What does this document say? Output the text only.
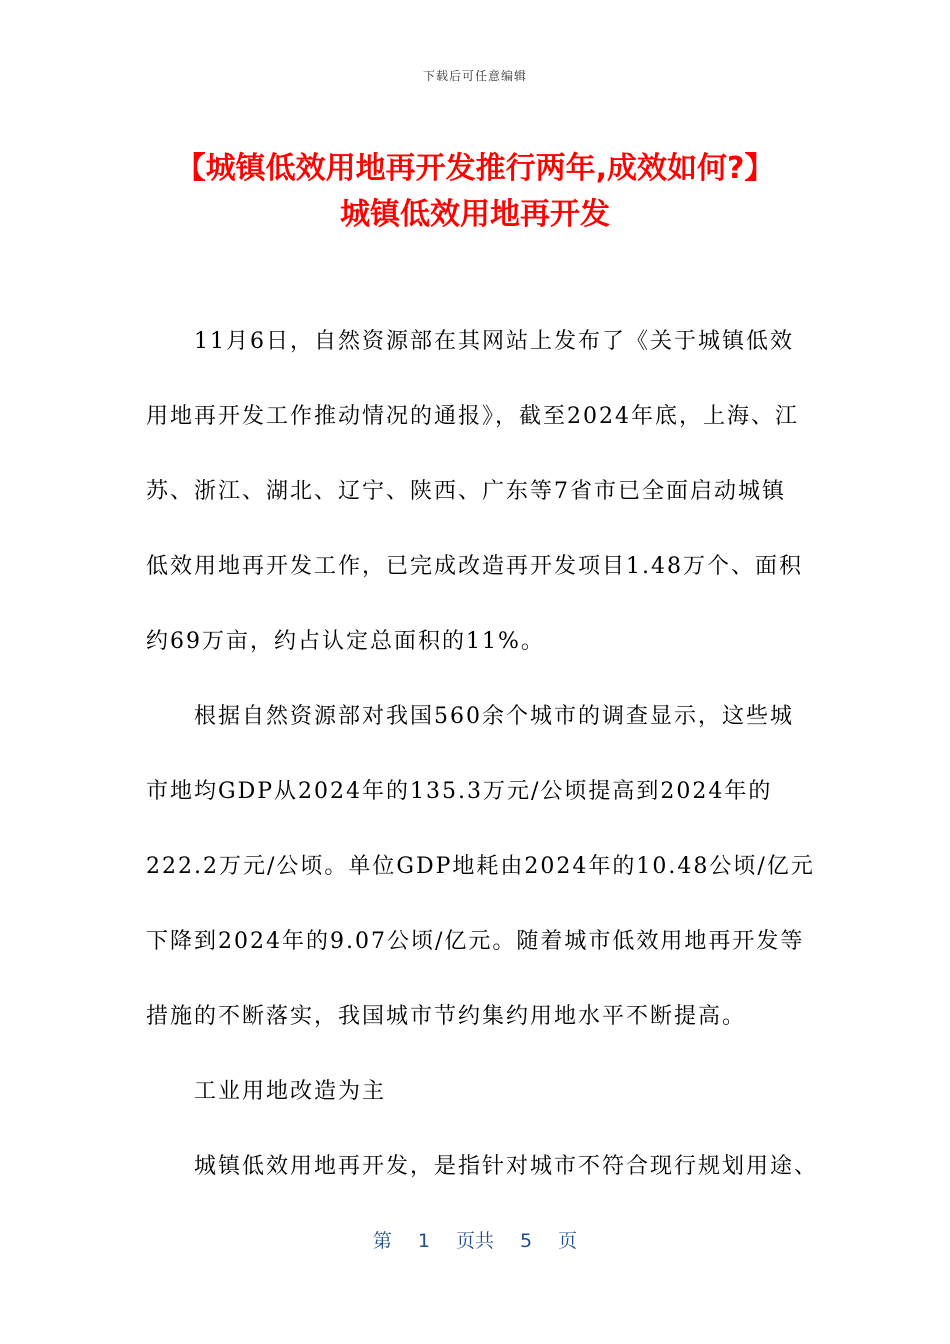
下载后可任意编辑
【城镇低效用地再开发推行两年,成效如何?】
城镇低效用地再开发
11月6日，自然资源部在其网站上发布了《关于城镇低效
用地再开发工作推动情况的通报》，截至2024年底，上海、江
苏、浙江、湖北、辽宁、陕西、广东等7省市已全面启动城镇
低效用地再开发工作，已完成改造再开发项目1.48万个、面积
约69万亩，约占认定总面积的11%。
根据自然资源部对我国560余个城市的调查显示，这些城
市地均GDP从2024年的135.3万元/公顷提高到2024年的
222.2万元/公顷。单位GDP地耗由2024年的10.48公顷/亿元
下降到2024年的9.07公顷/亿元。随着城市低效用地再开发等
措施的不断落实，我国城市节约集约用地水平不断提高。
工业用地改造为主
城镇低效用地再开发，是指针对城市不符合现行规划用途、
第 1 页共 5 页
